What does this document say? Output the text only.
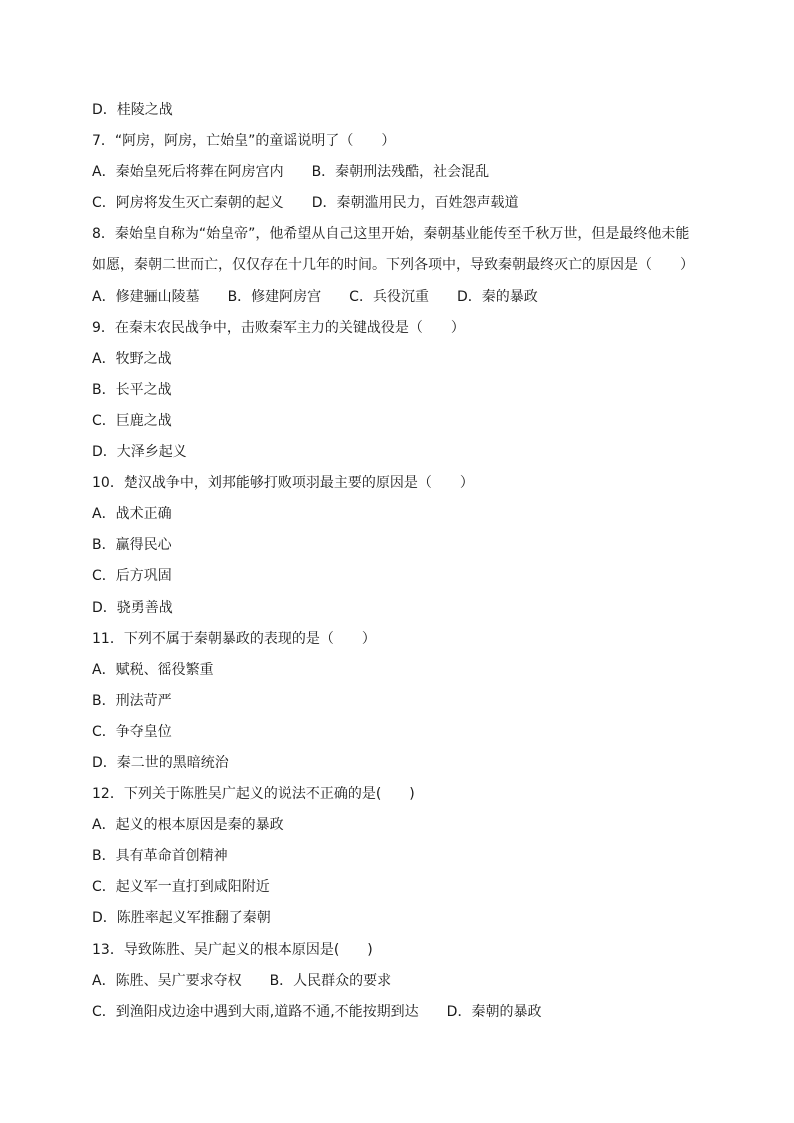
D．桂陵之战
7．“阿房，阿房，亡始皇”的童谣说明了（　　）
A．秦始皇死后将葬在阿房宫内　　B．秦朝刑法残酷，社会混乱
C．阿房将发生灭亡秦朝的起义　　D．秦朝滥用民力，百姓怨声载道
8．秦始皇自称为“始皇帝”，他希望从自己这里开始，秦朝基业能传至千秋万世，但是最终他未能
如愿，秦朝二世而亡，仅仅存在十几年的时间。下列各项中，导致秦朝最终灭亡的原因是（　　）
A．修建骊山陵墓　　B．修建阿房宫　　C．兵役沉重　　D．秦的暴政
9．在秦末农民战争中，击败秦军主力的关键战役是（　　）
A．牧野之战
B．长平之战
C．巨鹿之战
D．大泽乡起义
10．楚汉战争中，刘邦能够打败项羽最主要的原因是（　　）
A．战术正确
B．赢得民心
C．后方巩固
D．骁勇善战
11．下列不属于秦朝暴政的表现的是（　　）
A．赋税、徭役繁重
B．刑法苛严
C．争夺皇位
D．秦二世的黑暗统治
12．下列关于陈胜吴广起义的说法不正确的是(　　)
A．起义的根本原因是秦的暴政
B．具有革命首创精神
C．起义军一直打到咸阳附近
D．陈胜率起义军推翻了秦朝
13．导致陈胜、吴广起义的根本原因是(　　)
A．陈胜、吴广要求夺权　　B．人民群众的要求
C．到渔阳戍边途中遇到大雨,道路不通,不能按期到达　　D．秦朝的暴政
